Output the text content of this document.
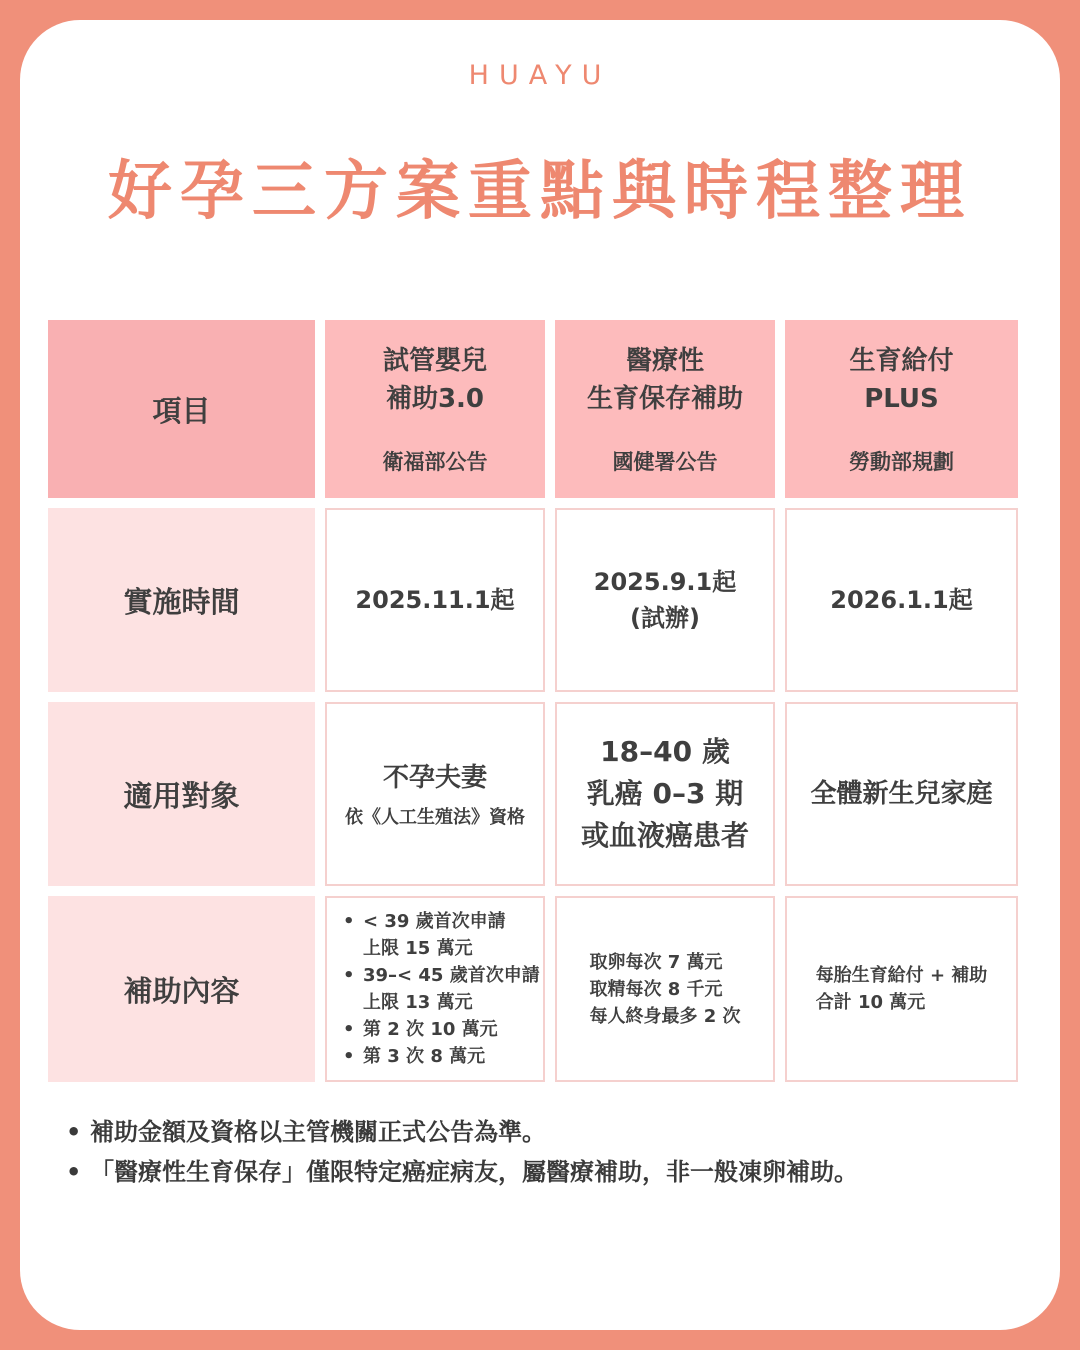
HUAYU
好孕三方案重點與時程整理
項目
試管嬰兒
補助3.0
衛福部公告
醫療性
生育保存補助
國健署公告
生育給付
PLUS
勞動部規劃
實施時間	2025.11.1起
2025.9.1起
(試辦)
2026.1.1起
適用對象
不孕夫妻
依《人工生殖法》資格
18–40 歲
乳癌 0–3 期
或血液癌患者
全體新生兒家庭
補助內容
• < 39 歲首次申請
上限 15 萬元
• 39–< 45 歲首次申請
上限 13 萬元
• 第 2 次 10 萬元
• 第 3 次 8 萬元
取卵每次 7 萬元
取精每次 8 千元
每人終身最多 2 次
每胎生育給付 + 補助
合計 10 萬元
• 補助金額及資格以主管機關正式公告為準。
• 「醫療性生育保存」僅限特定癌症病友，屬醫療補助，非一般凍卵補助。
